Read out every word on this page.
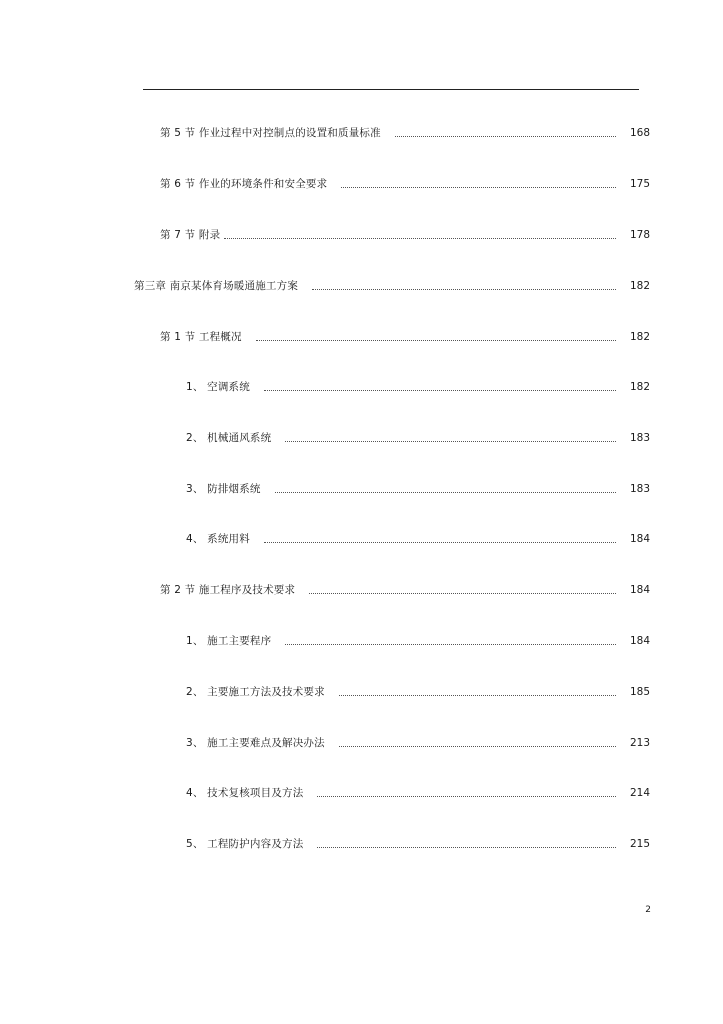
第 5 节 作业过程中对控制点的设置和质量标准	168
第 6 节 作业的环境条件和安全要求	175
第 7 节 附录	178
第三章 南京某体育场暖通施工方案	182
第 1 节 工程概况	182
1、 空调系统	182
2、 机械通风系统	183
3、 防排烟系统	183
4、 系统用料	184
第 2 节 施工程序及技术要求	184
1、 施工主要程序	184
2、 主要施工方法及技术要求	185
3、 施工主要难点及解决办法	213
4、 技术复核项目及方法	214
5、 工程防护内容及方法	215
2
